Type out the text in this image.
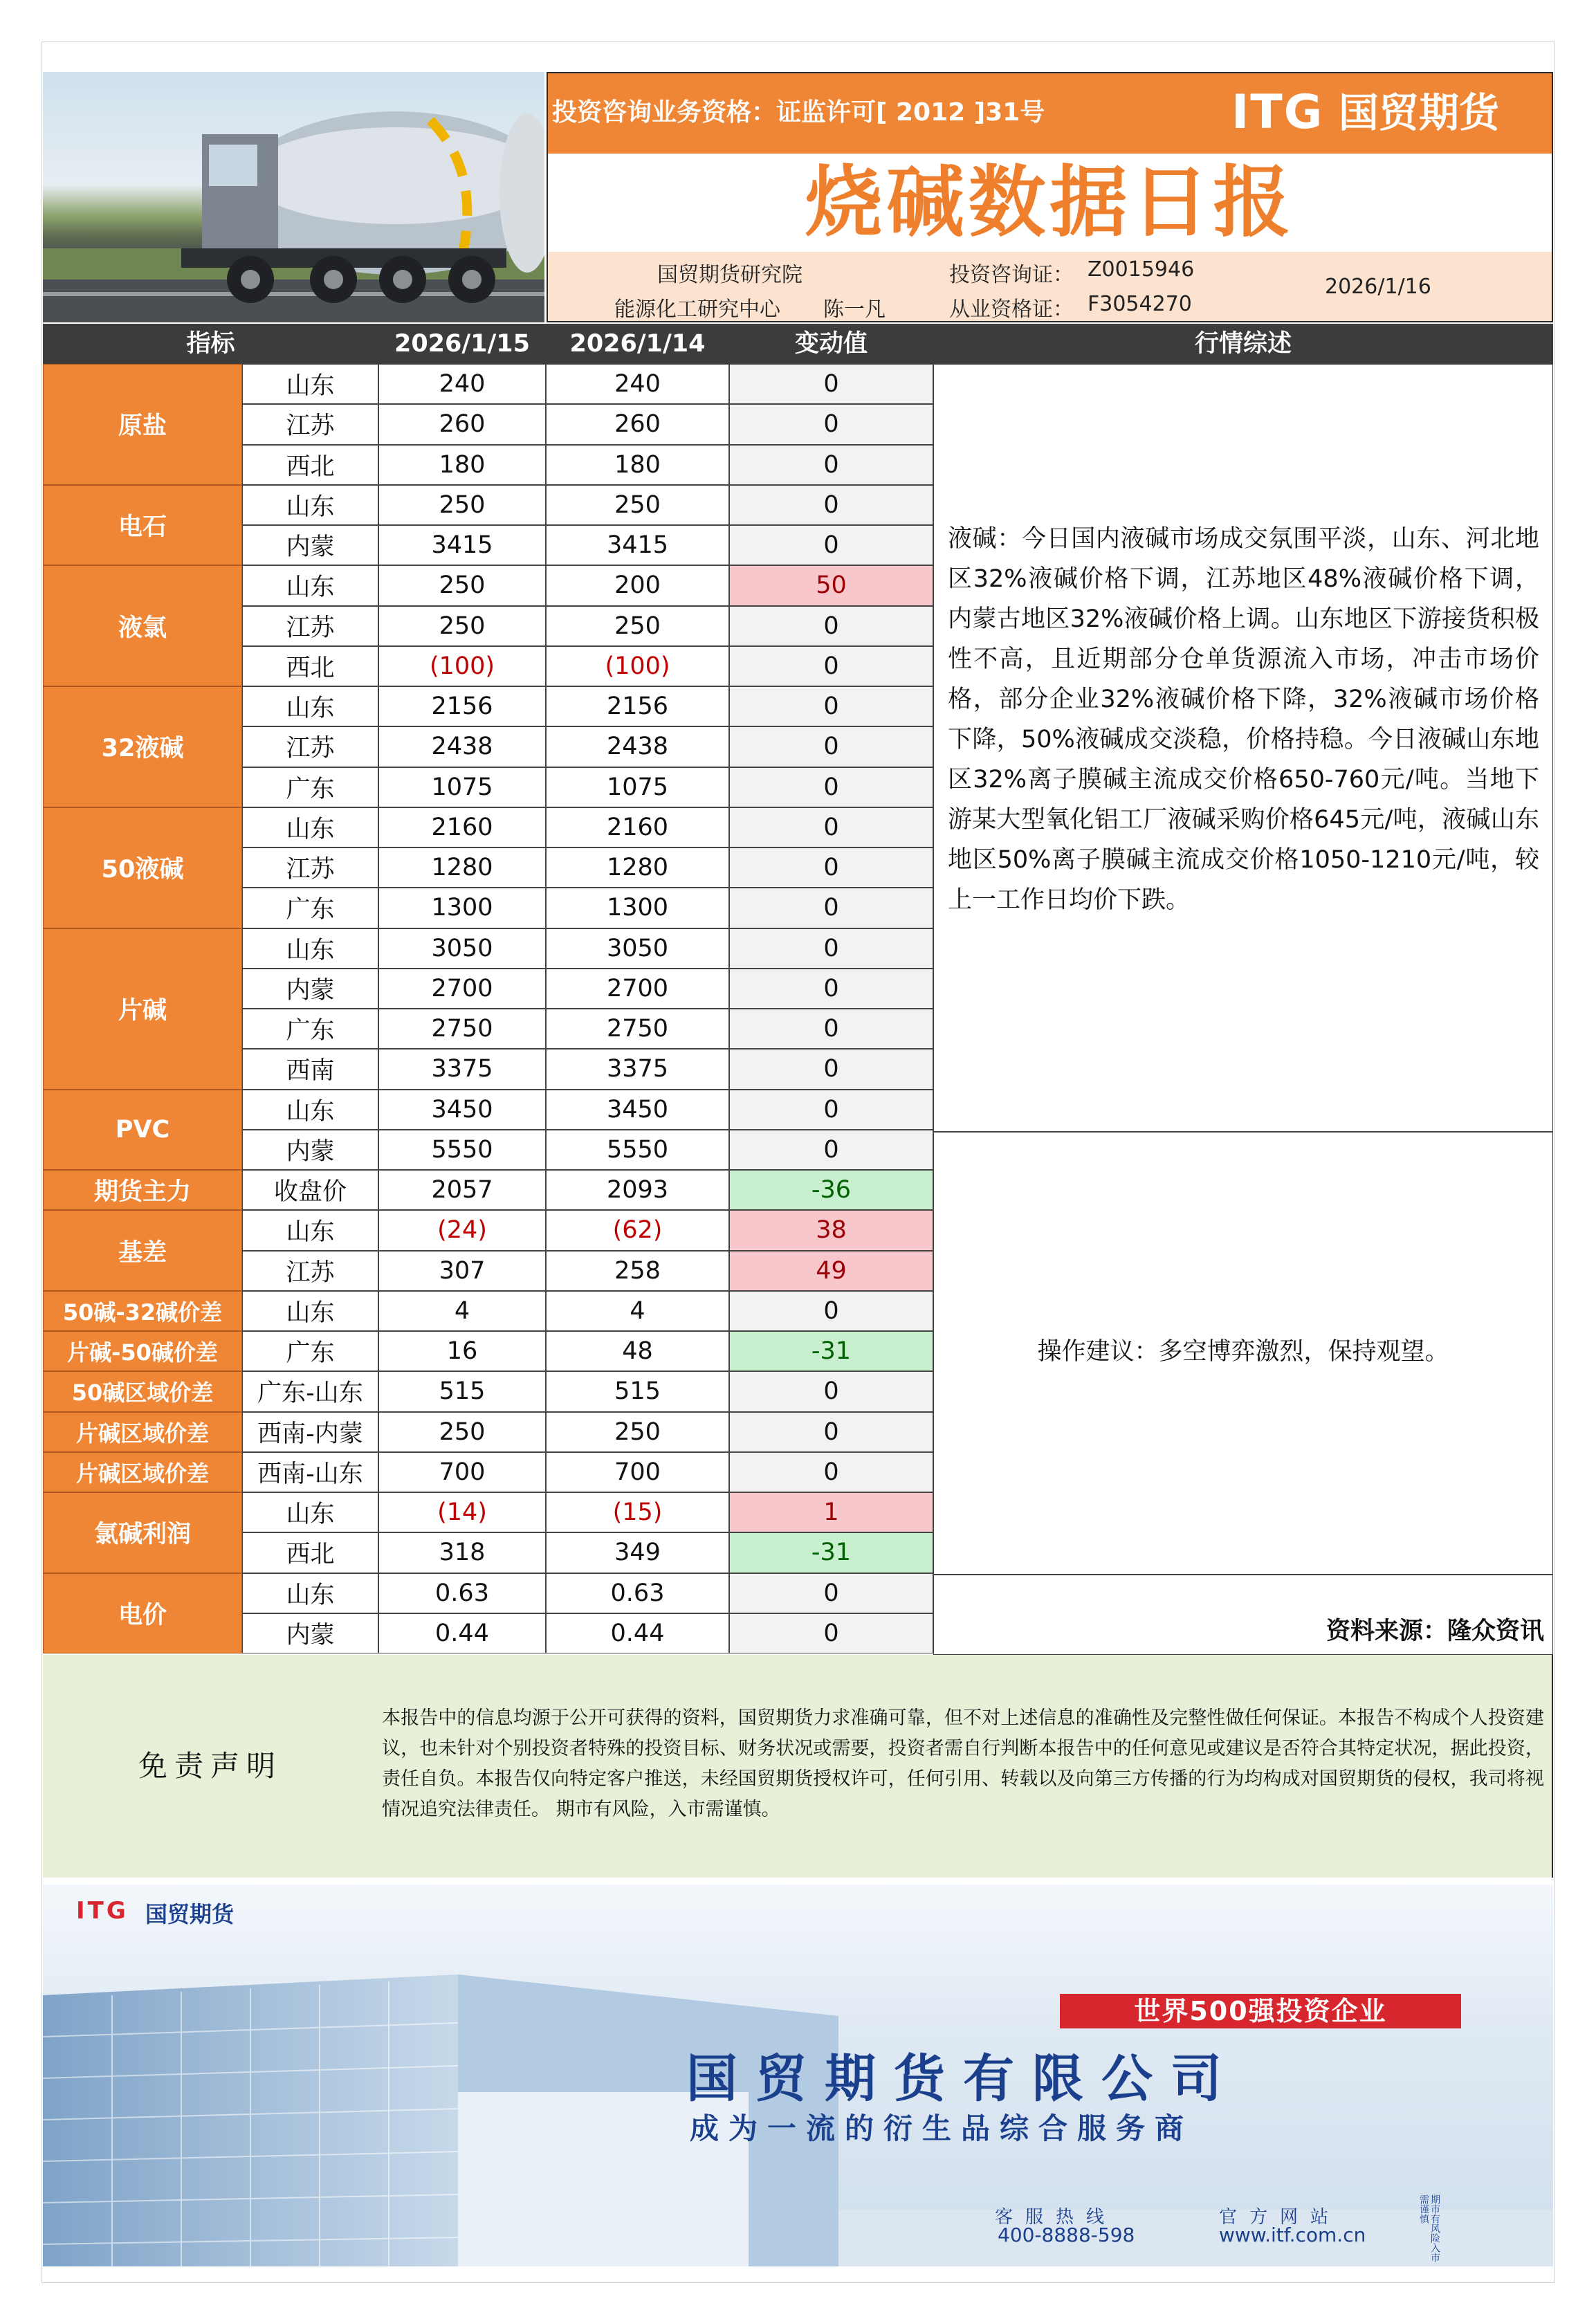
投资咨询业务资格：证监许可[ 2012 ]31号	ITG 国贸期货
烧碱数据日报
国贸期货研究院
能源化工研究中心 陈一凡
投资咨询证： Z0015946
从业资格证： F3054270
2026/1/16
指标	2026/1/15	2026/1/14	变动值	行情综述
原盐
山东	240	240	0
江苏	260	260	0
西北	180	180	0
电石
山东	250	250	0
内蒙	3415	3415	0
液氯
山东	250	200	50
江苏	250	250	0
西北	(100)	(100)	0
32液碱
山东	2156	2156	0
江苏	2438	2438	0
广东	1075	1075	0
50液碱
山东	2160	2160	0
江苏	1280	1280	0
广东	1300	1300	0
片碱
山东	3050	3050	0
内蒙	2700	2700	0
广东	2750	2750	0
西南	3375	3375	0
PVC
山东	3450	3450	0
内蒙	5550	5550	0
期货主力	收盘价	2057	2093	-36
基差
山东	(24)	(62)	38
江苏	307	258	49
50碱-32碱价差	山东	4	4	0
片碱-50碱价差	广东	16	48	-31
50碱区域价差	广东-山东	515	515	0
片碱区域价差	西南-内蒙	250	250	0
片碱区域价差	西南-山东	700	700	0
氯碱利润
山东	(14)	(15)	1
西北	318	349	-31
电价
山东	0.63	0.63	0
内蒙	0.44	0.44	0
液碱：今日国内液碱市场成交氛围平淡，山东、河北地区32%液碱价格下调，江苏地区48%液碱价格下调，内蒙古地区32%液碱价格上调。山东地区下游接货积极性不高，且近期部分仓单货源流入市场，冲击市场价格，部分企业32%液碱价格下降，32%液碱市场价格下降，50%液碱成交淡稳，价格持稳。今日液碱山东地区32%离子膜碱主流成交价格650-760元/吨。当地下游某大型氧化铝工厂液碱采购价格645元/吨，液碱山东地区50%离子膜碱主流成交价格1050-1210元/吨，较上一工作日均价下跌。
操作建议：多空博弈激烈，保持观望。
资料来源：隆众资讯
免责声明
本报告中的信息均源于公开可获得的资料，国贸期货力求准确可靠，但不对上述信息的准确性及完整性做任何保证。本报告不构成个人投资建议，也未针对个别投资者特殊的投资目标、财务状况或需要，投资者需自行判断本报告中的任何意见或建议是否符合其特定状况，据此投资，责任自负。本报告仅向特定客户推送，未经国贸期货授权许可，任何引用、转载以及向第三方传播的行为均构成对国贸期货的侵权，我司将视情况追究法律责任。 期市有风险，入市需谨慎。
ITG 国贸期货
世界500强投资企业
国贸期货有限公司
成为一流的衍生品综合服务商
客服热线
400-8888-598
官方网站
www.itf.com.cn	期市有风险入市需谨慎
